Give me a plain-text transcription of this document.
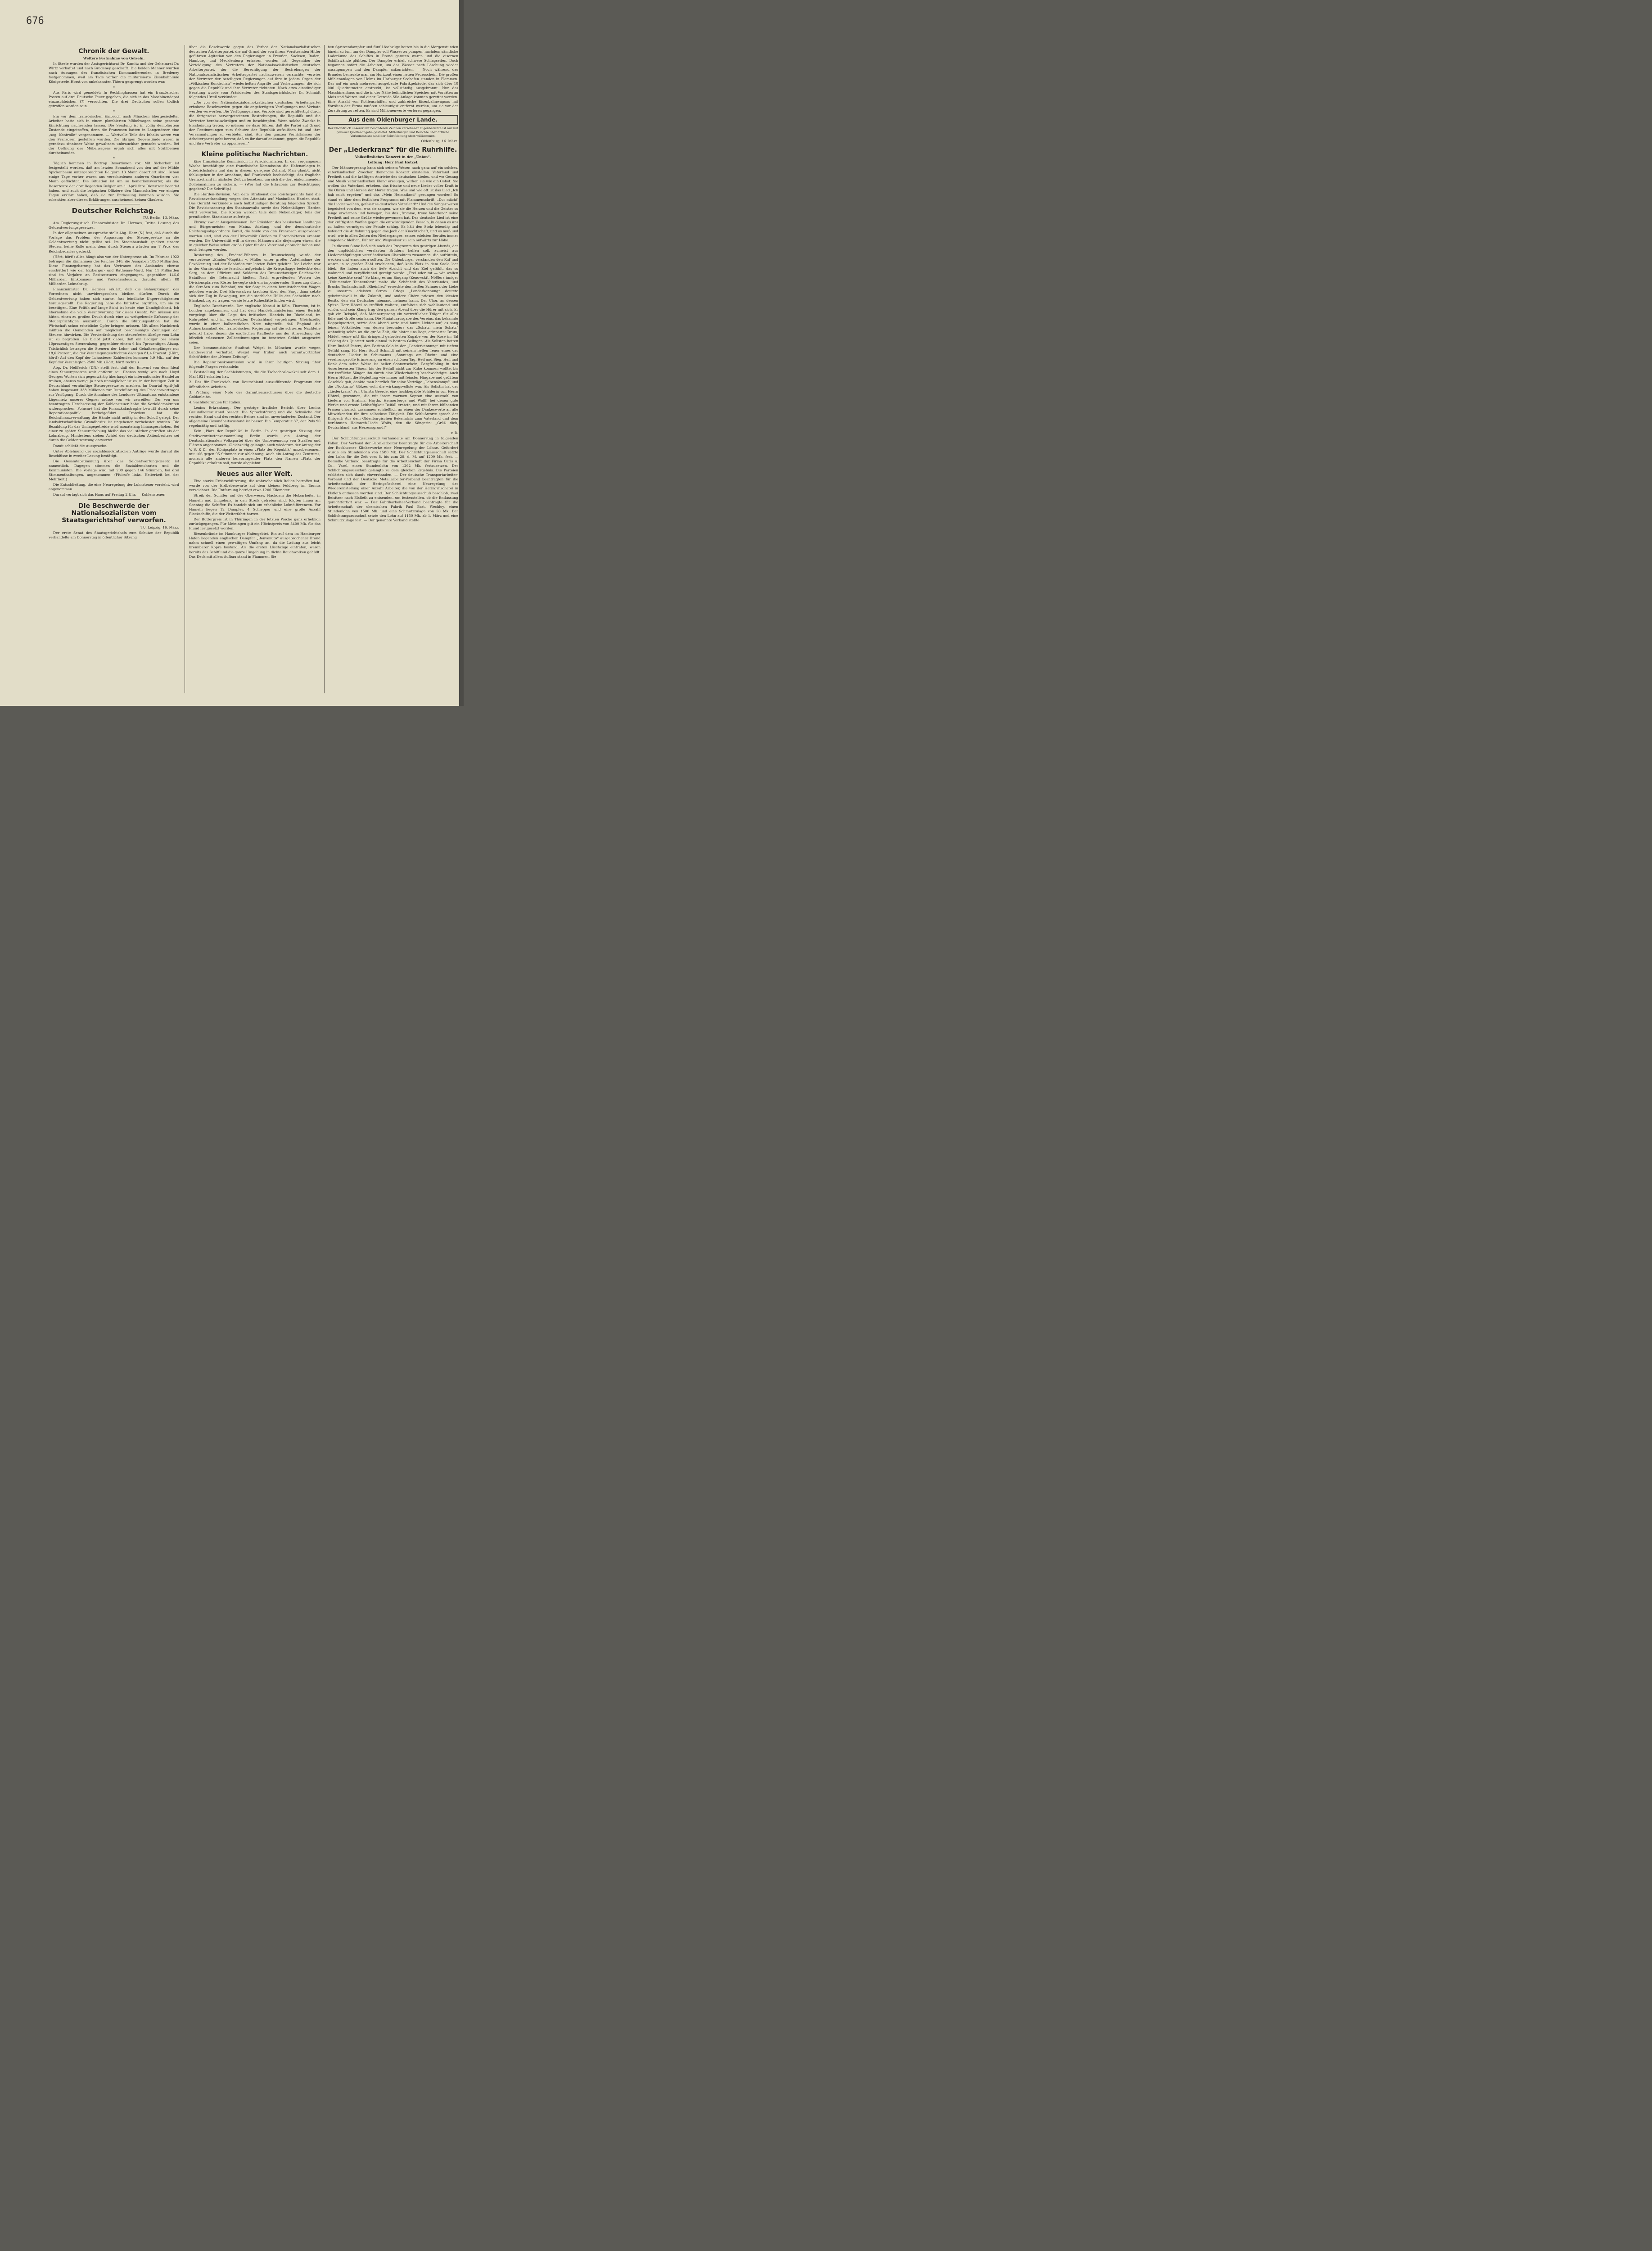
676
Chronik der Gewalt.
Weitere Festnahme von Geiseln.

In Steele wurden der Amtsgerichtsrat Dr. Kamitz und der Geheimrat Dr. Wirtz verhaftet und nach Bredeney geschafft. Die beiden Männer wurden nach Aussagen des französischen Kommandierenden in Bredeney festgenommen, weil am Tage vorher die militarisierte Eisenbahnlinie Königsteele–Horst von unbekannten Tätern gesprengt worden war.

*

Aus Paris wird gemeldet: In Recklinghausen hat ein französischer Posten auf drei Deutsche Feuer gegeben, die sich in das Maschinendepot einzuschleichen (?) versuchten. Die drei Deutschen sollen tödlich getroffen worden sein.

*

Ein vor dem französischen Einbruch nach München übergesiedelter Arbeiter hatte sich in einem plombierten Möbelwagen seine gesamte Einrichtung nachsenden lassen. Die Sendung ist in völlig demoliertem Zustande eingetroffen, denn die Franzosen hatten in Langendreer eine „sog. Kontrolle“ vorgenommen. — Wertvolle Teile des Inhalts waren von den Franzosen gestohlen worden. Die übrigen Gegenstände waren in geradezu sinnloser Weise gewaltsam unbrauchbar gemacht worden. Bei der Oeffnung des Möbelwagens ergab sich alles mit Stuhlbeinen durcheinander.

*

Täglich kommen in Bottrop Desertionen vor. Mit Sicherheit ist festgestellt worden, daß am letzten Sonnabend von den auf der Mühle Spickenbaum untergebrachten Belgiern 13 Mann desertiert sind. Schon einige Tage vorher waren aus verschiedenen anderen Quartieren vier Mann geflüchtet. Die Situation ist um so bemerkenswerter, als die Deserteure der dort liegenden Belgier am 1. April ihre Dienstzeit beendet haben, und auch die belgischen Offiziere den Mannschaften vor einigen Tagen erklärt haben, daß sie zur Entlassung kommen würden. Sie schenkten aber diesen Erklärungen anscheinend keinen Glauben.

Deutscher Reichstag.
TU. Berlin, 13. März.

Am Regierungstisch Finanzminister Dr. Hermes, Dritte Lesung des Geldentwertungsgesetzes.

In der allgemeinen Aussprache stellt Abg. Herz (S.) fest, daß durch die Vorlage das Problem der Anpassung der Steuergesetze an die Geldentwertung nicht gelöst sei. Im Staatshaushalt spielten unsere Steuern keine Rolle mehr, denn durch Steuern würden nur 7 Proz. des Reichsbedarfes gedeckt.

(Hört, hört!) Alles hängt also von der Notenpresse ab. Im Februar 1922 betrugen die Einnahmen des Reiches 340, die Ausgaben 1820 Milliarden. Diese Finanzgebarung hat das Vertrauen des Auslandes ebenso erschüttert wie der Erzberger- und Rathenau-Mord. Nur 11 Milliarden sind im Vorjahre an Besitzsteuern eingegangen, gegenüber 146,6 Milliarden Einkommen- und Verkehrssteuern, darunter allein 88 Milliarden Lohnabzug.

Finanzminister Dr. Hermes erklärt, daß die Behauptungen des Vorredners nicht unwidersprochen bleiben dürften. Durch die Geldentwertung haben sich starke, fast feindliche Ungerechtigkeiten herausgestellt. Die Regierung habe die Initiative ergriffen, um sie zu beseitigen. Eine Politik auf lange Sicht ist heute eine Unmöglichkeit. Ich übernehme die volle Verantwortung für dieses Gesetz. Wir müssen uns hüten, einen zu großen Druck durch eine zu weitgehende Erfassung der Steuerpflichtigen auszuüben. Durch die Stützungsaktion hat die Wirtschaft schon erhebliche Opfer bringen müssen. Mit allem Nachdruck müßten die Gemeinden auf möglichst beschleunigte Zahlungen der Steuern hinwirken. Die Vervierfachung der steuerfreien Abzüge vom Lohn ist zu begrüßen. Es bleibt jetzt dabei, daß ein Lediger bei einem 10prozentigen Steuerabzug, gegenüber einem 6 bis 7prozentigen Abzug. Tatsächlich betragen die Steuern der Lohn- und Gehaltsempfänger nur 18,6 Prozent, die der Veranlagungsschichten dagegen 81,4 Prozent. (Hört, hört!) Auf den Kopf der Lohnsteuer Zahlenden kommen 5,9 Mk., auf den Kopf der Veranlagten 2500 Mk. (Hört, hört! rechts.)

Abg. Dr. Helfferich (DN.) stellt fest, daß der Entwurf von dem Ideal eines Steuergesetzes weit entfernt sei. Ebenso wenig wie nach Lloyd Georges Worten sich gegenwärtig überhaupt ein internationaler Handel zu treiben, ebenso wenig, ja noch unmöglicher ist es, in der heutigen Zeit in Deutschland vernünftige Steuergesetze zu machen. Im Quartal April-Juli haben insgesamt 338 Millionen zur Durchführung des Friedensvertrages zur Verfügung. Durch die Annahme des Londoner Ultimatums entstandene Lügennetz unserer Gegner müsse von wir zerreißen. Der von uns beantragten Herabsetzung der Kohlensteuer habe die Sozialdemokraten widersprochen. Poincaré hat die Finanzkatastrophe bewußt durch seine Reparationspolitik herbeigeführt. Trotzdem hat die Reichsfinanzverwaltung die Hände nicht müßig in den Schoß gelegt. Der landwirtschaftliche Grundbesitz ist ungeheuer vorbelastet worden. Die Bezahlung für das Umlagegetreide wird monatelang hinausgeschoben. Bei einer zu späten Steuererhebung bleibe das viel stärker getroffen als der Lohnabzug. Mindestens sieben Achtel des deutschen Aktienbesitzes sei durch die Geldentwertung entwertet.

Damit schließt die Aussprache.

Unter Ablehnung der sozialdemokratischen Anträge wurde darauf die Beschlüsse in zweiter Lesung bestätigt.

Die Gesamtabstimmung über das Geldentwertungsgesetz ist namentlich. Dagegen stimmen die Sozialdemokraten und die Kommunisten. Die Vorlage wird mit 209 gegen 146 Stimmen, bei drei Stimmenthaltungen, angenommen. (Pfuirufe links, Heiterkeit bei der Mehrheit.)

Die Entschließung, die eine Neuregelung der Lohnsteuer vorsieht, wird angenommen.

Darauf vertagt sich das Haus auf Freitag 2 Uhr. — Kohlensteuer.

Die Beschwerde der Nationalsozialisten vom Staatsgerichtshof verworfen.
TU. Leipzig, 16. März.

Der erste Senat des Staatsgerichtshofs zum Schutze der Republik verhandelte am Donnerstag in öffentlicher Sitzung

über die Beschwerde gegen das Verbot der Nationalsozialistischen deutschen Arbeiterpartei, die auf Grund der von ihrem Vorsitzenden Hitler geführten Agitation von den Regierungen in Preußen, Sachsen, Baden, Hamburg und Mecklenburg erlassen worden ist. Gegenüber der Verteidigung des Vertreters der Nationalsozialistischen deutschen Arbeiterpartei, der die Berechtigung der Bestrebungen der Nationalsozialistischen Arbeiterpartei nachzuweisen versuchte, verwies der Vertreter der beteiligten Regierungen auf ihre in jedem Organ der „Völkischen Rundschau“ wiederholten Angriffe und Verhetzungen, die sich gegen die Republik und ihre Vertreter richteten. Nach etwa einstündiger Beratung wurde vom Präsidenten des Staatsgerichtshofes Dr. Schmidt folgendes Urteil verkündet:

„Die von der Nationalsozialdemokratischen deutschen Arbeiterpartei erhobene Beschwerden gegen die angefertigten Verfügungen und Verbote werden verworfen. Die Verfügungen und Verbote sind gerechtfertigt durch die fortgesetzt hervorgetretenen Bestrebungen, die Republik und die Vertreter herabzuwürdigen und zu beschimpfen. Wenn solche Zwecke in Erscheinung treten, so müssen sie dazu führen, daß die Partei auf Grund der Bestimmungen zum Schutze der Republik aufzulösen ist und ihre Versammlungen zu verbieten sind. Aus den ganzen Verhältnissen der Arbeiterpartei geht hervor, daß es ihr darauf ankommt, gegen die Republik und ihre Vertreter zu opponieren.“

Kleine politische Nachrichten.

Eine französische Kommission in Friedrichshafen. In der vergangenen Woche beschäftigte eine französische Kommission die Hafenanlagen in Friedrichshafen und das in diesem gelegene Zollamt. Man glaubt, nicht fehlzugehen in der Annahme, daß Frankreich beabsichtigt, das fragliche Grenzzollamt in nächster Zeit zu besetzen, um sich die dort einkommenden Zolleinnahmen zu sichern. — (Wer hat die Erlaubnis zur Besichtigung gegeben? Die Schriftlg.)

Die Harden-Revision. Von dem Strafsenat des Reichsgerichts fand die Revisionsverhandlung wegen des Attentats auf Maximilian Harden statt. Das Gericht verkündete nach halbstündiger Beratung folgenden Spruch: Die Revisionsantrag des Staatsanwalts sowie des Nebenklägers Harden wird verworfen. Die Kosten werden teils dem Nebenkläger, teils der preußischen Staatskasse auferlegt.

Ehrung zweier Ausgewiesenen. Der Präsident des hessischen Landtages und Bürgermeister von Mainz, Adelung, und der demokratische Reichstagsabgeordnete Korell, die beide von den Franzosen ausgewiesen worden sind, sind von der Universität Gießen zu Ehrendoktoren ernannt worden. Die Universität will in diesen Männern alle diejenigen ehren, die in gleicher Weise schon große Opfer für das Vaterland gebracht haben und noch bringen werden.

Bestattung des „Emden“-Führers. In Braunschweig wurde der verstorbene „Emden“-Kapitän v. Müller unter großer Anteilnahme der Bevölkerung und der Behörden zur letzten Fahrt geleitet. Die Leiche war in der Garnisonkirche feierlich aufgebahrt, die Kriegsflagge bedeckte den Sarg, an dem Offiziere und Soldaten des Braunschweiger Reichswehr-Bataillons die Totenwacht hielten. Nach ergreifenden Worten des Divisionspfarrers Köster bewegte sich ein imponierender Trauerzug durch die Straßen zum Bahnhof, wo der Sarg in einen bereitstehenden Wagen gehoben wurde. Drei Ehrensalven krachten über den Sarg, dann setzte sich der Zug in Bewegung, um die sterbliche Hülle des Seehelden nach Blankenburg zu tragen, wo sie letzte Ruhestätte finden wird.

Englische Beschwerde. Der englische Konsul in Köln, Thorston, ist in London angekommen, und hat dem Handelsministerium einen Bericht vorgelegt über die Lage des britischen Handels im Rheinland, im Ruhrgebiet und im unbesetzten Deutschland vorgetragen. Gleichzeitig wurde in einer halbamtlichen Note mitgeteilt, daß England die Aufmerksamkeit der französischen Regierung auf die schweren Nachteile gelenkt habe, denen die englischen Kaufleute aus der Anwendung der kürzlich erlassenen Zollbestimmungen im besetzten Gebiet ausgesetzt seien.

Der kommunistische Stadtrat Weigel in München wurde wegen Landesverrat verhaftet. Weigel war früher auch verantwortlicher Schriftleiter der „Neuen Zeitung“.

Die Reparationskommission wird in ihrer heutigen Sitzung über folgende Fragen verhandeln:

1. Feststellung der Sachleistungen, die die Tschechoslowakei seit dem 1. Mai 1921 erhalten hat.

2. Das für Frankreich von Deutschland auszuführende Programm der öffentlichen Arbeiten.

3. Prüfung einer Note des Garantieausschusses über die deutsche Goldanleihe.

4. Sachlieferungen für Italien.

Lenins Erkrankung. Der gestrige ärztliche Bericht über Lenins Gesundheitszustand besagt: Die Sprachstörung und die Schwäche der rechten Hand und des rechten Beines sind im unveränderten Zustand. Der allgemeine Gesundheitszustand ist besser. Die Temperatur 37, der Puls 90 regelmäßig und kräftig.

Kein „Platz der Republik“ in Berlin. In der gestrigen Sitzung der Stadtverordnetenversammlung Berlin wurde ein Antrag der Deutschnationalen Volkspartei über die Umbenennung von Straßen und Plätzen angenommen. Gleichzeitig gelangte auch wiederum der Antrag der V. S. P. D., den Königsplatz in einen „Platz der Republik“ umzubenennen, mit 106 gegen 95 Stimmen zur Ablehnung. Auch ein Antrag des Zentrums, monach alle anderen hervorragender Platz den Namen „Platz der Republik“ erhalten soll, wurde abgelehnt.

Neues aus aller Welt.

Eine starke Erderschütterung, die wahrscheinlich Italien betroffen hat, wurde von der Erdbebenwarte auf dem kleinen Feldberg im Taunus verzeichnet. Die Entfernung beträgt etwa 1200 Kilometer.

Streik der Schiffer auf der Oberweser. Nachdem die Holzarbeiter in Hameln und Umgebung in den Streik getreten sind, folgten ihnen am Sonntag die Schiffer. Es handelt sich um erhebliche Lohndifferenzen. Vor Hameln liegen 12 Dampfer, 4 Schlepper und eine große Anzahl Blockschiffe, die der Weiterfahrt harren.

Der Butterpreis ist in Thüringen in der letzten Woche ganz erheblich zurückgegangen. Für Meiningen gilt ein Höchstpreis von 3400 Mk. für das Pfund festgesetzt worden.

Riesenbrände im Hamburger Hafengebiet. Ein auf dem im Hamburger Hafen liegenden englischen Dampfer „Benvenuto“ ausgebrochener Brand nahm schnell einen gewaltigen Umfang an, da die Ladung aus leicht brennbarer Kopra bestand. Als die ersten Löschzüge eintrafen, waren bereits das Schiff und die ganze Umgebung in dichte Rauchwolken gehüllt. Das Deck mit allem Aufbau stand in Flammen. Sie

ben Spritzendampfer und fünf Löschzüge hatten bis in die Morgenstunden hinein zu tun, um der Dampfer voll Wasser zu pumpen, nachdem sämtliche Laderäume des Schiffes in Brand geraten waren und die eisernen Schiffswände glühten. Der Dampfer erhielt schwere Schlagseiten. Doch begannen sofort die Arbeiten, um das Wasser nach Löschung wieder auszupumpen und den Dampfer aufzurichten. — Noch während des Brandes bemerkte man am Horizont einen neuen Feuerschein. Die großen Mühlenanlagen von Helms im Harburger Seehafen standen in Flammen. Das auf ein noch mehreren ausgebaute Fabrikgebäude, das sich über 10 000 Quadratmeter erstreckt, ist vollständig ausgebrannt. Nur das Maschinenhaus und die in der Nähe befindlichen Speicher mit Vorräten an Mais und Weizen und einer Getreide-Silo-Anlage konnten gerettet werden. Eine Anzahl von Kohlenschiffen und zahlreiche Eisenbahnwagons mit Vorräten der Firma mußten schleunigst entfernt werden, um sie vor der Zerstörung zu retten. Es sind Millionenwerte verloren gegangen.

Aus dem Oldenburger Lande.
Der Nachdruck unserer mit besonderen Zeichen versehenen Eigenberichte ist nur mit genauer Quellenangabe gestattet. Mitteilungen und Berichte über örtliche Vorkommnisse sind der Schriftleitung stets willkommen.
Oldenburg, 16. März.
Der „Liederkranz“ für die Ruhrhilfe.
Volkstümliches Konzert in der „Union“.
Leitung: Herr Paul Hötzel.

Der Männergesang kann sich seinem Wesen nach ganz auf ein solches, vaterländischen Zwecken dienendes Konzert einstellen. Vaterland und Freiheit sind die kräftigen Antriebe des deutschen Liedes, und wo Gesang und Musik vaterländischen Klang erzeugen, wirken sie wie ein Gebet. Sie wollen das Vaterland erheben, das frische und neue Lieder voller Kraft in die Ohren und Herzen der Hörer tragen. Was und wie oft ist das Lied „Ich hab mich ergeben“ und das „Mein Heimatland“ gesungen worden! So stand es über dem festlichen Programm mit Flammenschrift: „Dor mächt' die Lieder weihen, gefeiertes deutsches Vaterland!“ Und die Sänger waren begeistert von dem, was sie sangen, wie sie die Herzen und die Geister so lange erwärmen und bewegen, bis das „fromme, treue Vaterland“ seine Freiheit und seine Größe wiedergewonnen hat. Das deutsche Lied ist eine der kräftigsten Waffen gegen die entwürdigenden Fesseln, in denen es uns zu halten vermögen der Feinde schlug. Es hält den Stolz lebendig und befeuert die Auflehnung gegen das Joch der Knechtschaft, und es muß und wird, wie in allen Zeiten des Niederganges, seines edelsten Berufes immer eingedenk bleiben, Führer und Wegweiser zu sein aufwärts zur Höhe.

In diesem Sinne ließ sich auch das Programm des gestrigen Abends, der den unglücklichen verslavten Brüdern helfen soll, zumeist aus Liederschöpfungen vaterländischen Charakters zusammen, die aufrütteln, wecken und ermuntern sollten. Die Oldenburger verstanden den Ruf und waren in so großer Zahl erschienen, daß kein Platz in dem Saale leer blieb. Sie haben auch die tiefe Absicht und das Ziel gefühlt, das so mahnend und verpflichtend gezeigt wurde: „Frei oder tot — wir wollen keine Knechte sein!“ So klang es am Eingang (Zenowski). Nößlers inniger „Träumender Tannenforst“ malte die Schönheit des Vaterlandes, und Bruchs Tonlandschaft „Rheinlied“ erweckte den heißen Schmerz der Liebe zu unserem edelsten Strom. Griegs „Landerkennung“ deutete geheimnisvoll in die Zukunft, und andere Chöre priesen den idealen Besitz, den ein Deutscher niemand nehmen kann. Der Chor, an dessen Spitze Herr Hötzel so trefflich waltete, entfaltete sich wohllautend und schön, und sein Klang trug den ganzen Abend über die Hörer mit sich. Er gab ein Beispiel, daß Männergesang ein vortrefflicher Träger für alles Edle und Große sein kann. Die Miniaturausgabe des Vereins, das bekannte Doppelquartett, setzte den Abend zarte und bunte Lichter auf; es sang feinen Volkslieder, von denen besonders das „Schatz, mein Schatz“ wehmütig schön an die große Zeit, die hinter uns liegt, erinnerte: Drum, Mädel, weine nit! Ein dringend geforderten Zugabe von der Rose im Tal erklang das Quartett noch einmal in bestem Gelingen. Als Solisten hatten Herr Rudolf Peters, den Bariton-Solo in der „Landerkennung“ mit tiefem Gefühl sang, für Herr Adolf Schmidt mit seinem hellen Tenor eines der deutschen Lieder in Schumanns „Sonntags am Rhein“ und eine verehrungsvolle Erinnerung an einen schönen Tag. Heil und Sieg, Heil und Dank dem seine Weise ist heller Sonnenschein, Bergfrühling in den Auserlesensten Tönen, bis der Beifall nicht zur Ruhe kommen wollte, bis der treffliche Sänger ihn durch eine Wiederholung beschwichtigte. Auch Herrn Hötzel, die Begleitung wie immer mit feinster Hingabe und größtem Geschick gab, dankte man herzlich für seine Vorträge „Lebenskampf“ und die „Nocturno“ Götzes wohl die wirkungsvollste war. Als Solistin hat der „Liederkranz“ Frl. Christa Geerde, eine hochbegabte Schülerin von Herrn Hötzel, gewonnen, die mit ihrem warmen Sopran eine Auswahl von Liedern von Brahms, Haydn, Hennerbergs und Wolff, bei denen gute Werke und ernste Lebhaftigkeit Beifall erntete, und mit ihrem blühenden Frauen chorisch zusammen schließlich an einen der Dankesworte an alle Mitwirkenden für ihre selbstlose Tätigkeit. Die Schlußworte sprach der Dirigent: Aus dem Oldenburgischen Bekenntnis zum Vaterland und dem berühmten Heimweh-Liede Wolfs, den die Sängerin: „Grüß dich, Deutschland, aus Herzensgrund!“

v. D.

Der Schlichtungsausschuß verhandelte am Donnerstag in folgenden Fällen. Der Verband der Fabrikarbeiter beantragte für die Arbeiterschaft der Bockhorner Klinkerwerke eine Neuregelung der Löhne. Gefordert wurde ein Stundenlohn von 1580 Mk. Der Schlichtungsausschuß setzte den Lohn für die Zeit vom 8. bis zum 28. d. M. auf 1200 Mk. fest. — Derselbe Verband beantragte für die Arbeiterschaft der Firma Carls u. Co., Varel, einen Stundenlohn von 1262 Mk. festzusetzen. Der Schlichtungsausschuß gelangte zu dem gleichen Ergebnis. Die Parteien erklärten sich damit einverstanden. — Der deutsche Transportarbeiter-Verband und der Deutsche Metallarbeiter-Verband beantragten für die Arbeiterschaft der Heringsfischerei eine Neuregelung der Wiedereinstellung einer Anzahl Arbeiter, die von der Heringsfischerei in Elsfleth entlassen worden sind. Der Schlichtungsausschuß beschloß, zwei Beisitzer nach Elsfleth zu entsenden, um festzustellen, ob die Entlassung gerechtfertigt war. — Der Fabrikarbeiter-Verband beantragte für die Arbeiterschaft der chemischen Fabrik Paul Brat, Wechloy, einen Stundenlohn von 1500 Mk. und eine Schmutzzulage von 50 Mk. Der Schlichtungsausschuß setzte den Lohn auf 1150 Mk. ab 1. März und eine Schmutzzulage fest. — Der genannte Verband stellte
